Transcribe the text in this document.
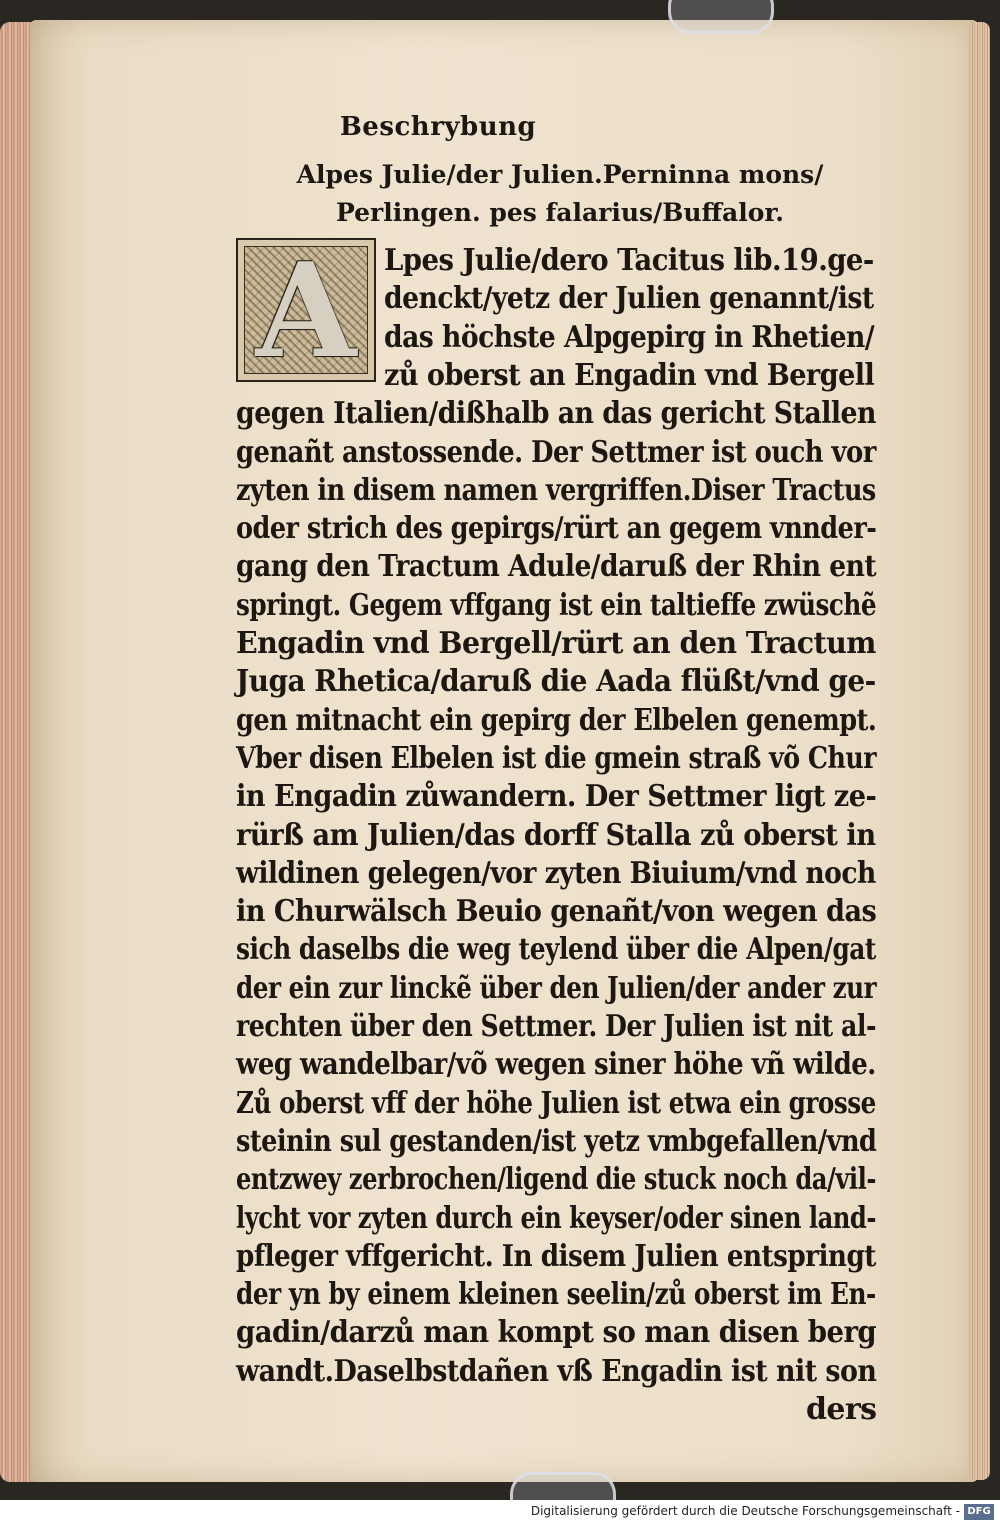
Beschrybung
Alpes Julie/der Julien.Perninna mons/
Perlingen. pes falarius/Buffalor.
A Lpes Julie/dero Tacitus lib.19.ge-
denckt/yetz der Julien genannt/ist
das höchste Alpgepirg in Rhetien/
zů oberst an Engadin vnd Bergell
gegen Italien/dißhalb an das gericht Stallen
genañt anstossende. Der Settmer ist ouch vor
zyten in disem namen vergriffen.Diser Tractus
oder strich des gepirgs/rürt an gegem vnnder-
gang den Tractum Adule/daruß der Rhin ent
springt. Gegem vffgang ist ein taltieffe zwüschẽ
Engadin vnd Bergell/rürt an den Tractum
Juga Rhetica/daruß die Aada flüßt/vnd ge-
gen mitnacht ein gepirg der Elbelen genempt.
Vber disen Elbelen ist die gmein straß võ Chur
in Engadin zůwandern. Der Settmer ligt ze-
rürß am Julien/das dorff Stalla zů oberst in
wildinen gelegen/vor zyten Biuium/vnd noch
in Churwälsch Beuio genañt/von wegen das
sich daselbs die weg teylend über die Alpen/gat
der ein zur linckẽ über den Julien/der ander zur
rechten über den Settmer. Der Julien ist nit al-
weg wandelbar/võ wegen siner höhe vñ wilde.
Zů oberst vff der höhe Julien ist etwa ein grosse
steinin sul gestanden/ist yetz vmbgefallen/vnd
entzwey zerbrochen/ligend die stuck noch da/vil-
lycht vor zyten durch ein keyser/oder sinen land-
pfleger vffgericht. In disem Julien entspringt
der yn by einem kleinen seelin/zů oberst im En-
gadin/darzů man kompt so man disen berg
wandt.Daselbstdañen vß Engadin ist nit son
ders
Digitalisierung gefördert durch die Deutsche Forschungsgemeinschaft - DFG
